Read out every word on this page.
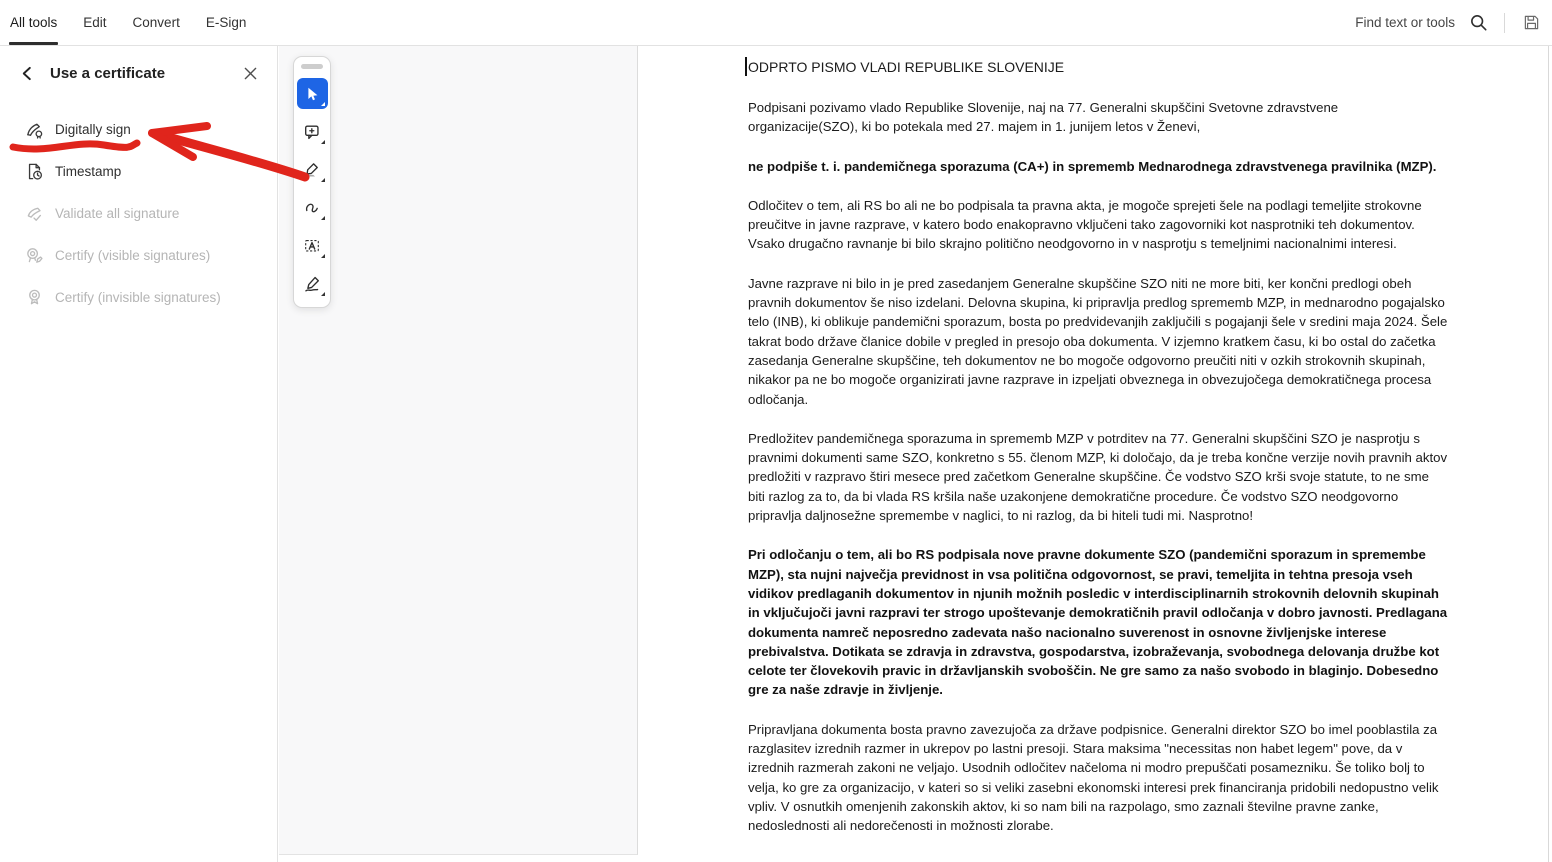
All tools Edit Convert E-Sign	Find text or tools
Use a certificate
Digitally sign
Timestamp
Validate all signature
Certify (visible signatures)
Certify (invisible signatures)
ODPRTO PISMO VLADI REPUBLIKE SLOVENIJE
Podpisani pozivamo vlado Republike Slovenije, naj na 77. Generalni skupščini Svetovne zdravstvene organizacije(SZO), ki bo potekala med 27. majem in 1. junijem letos v Ženevi,
ne podpiše t. i. pandemičnega sporazuma (CA+) in sprememb Mednarodnega zdravstvenega pravilnika (MZP).
Odločitev o tem, ali RS bo ali ne bo podpisala ta pravna akta, je mogoče sprejeti šele na podlagi temeljite strokovne preučitve in javne razprave, v katero bodo enakopravno vključeni tako zagovorniki kot nasprotniki teh dokumentov. Vsako drugačno ravnanje bi bilo skrajno politično neodgovorno in v nasprotju s temeljnimi nacionalnimi interesi.
Javne razprave ni bilo in je pred zasedanjem Generalne skupščine SZO niti ne more biti, ker končni predlogi obeh pravnih dokumentov še niso izdelani. Delovna skupina, ki pripravlja predlog sprememb MZP, in mednarodno pogajalsko telo (INB), ki oblikuje pandemični sporazum, bosta po predvidevanjih zaključili s pogajanji šele v sredini maja 2024. Šele takrat bodo države članice dobile v pregled in presojo oba dokumenta. V izjemno kratkem času, ki bo ostal do začetka zasedanja Generalne skupščine, teh dokumentov ne bo mogoče odgovorno preučiti niti v ozkih strokovnih skupinah, nikakor pa ne bo mogoče organizirati javne razprave in izpeljati obveznega in obvezujočega demokratičnega procesa odločanja.
Predložitev pandemičnega sporazuma in sprememb MZP v potrditev na 77. Generalni skupščini SZO je nasprotju s pravnimi dokumenti same SZO, konkretno s 55. členom MZP, ki določajo, da je treba končne verzije novih pravnih aktov predložiti v razpravo štiri mesece pred začetkom Generalne skupščine. Če vodstvo SZO krši svoje statute, to ne sme biti razlog za to, da bi vlada RS kršila naše uzakonjene demokratične procedure. Če vodstvo SZO neodgovorno pripravlja daljnosežne spremembe v naglici, to ni razlog, da bi hiteli tudi mi. Nasprotno!
Pri odločanju o tem, ali bo RS podpisala nove pravne dokumente SZO (pandemični sporazum in spremembe MZP), sta nujni največja previdnost in vsa politična odgovornost, se pravi, temeljita in tehtna presoja vseh vidikov predlaganih dokumentov in njunih možnih posledic v interdisciplinarnih strokovnih delovnih skupinah in vključujoči javni razpravi ter strogo upoštevanje demokratičnih pravil odločanja v dobro javnosti. Predlagana dokumenta namreč neposredno zadevata našo nacionalno suverenost in osnovne življenjske interese prebivalstva. Dotikata se zdravja in zdravstva, gospodarstva, izobraževanja, svobodnega delovanja družbe kot celote ter človekovih pravic in državljanskih svoboščin. Ne gre samo za našo svobodo in blaginjo. Dobesedno gre za naše zdravje in življenje.
Pripravljana dokumenta bosta pravno zavezujoča za države podpisnice. Generalni direktor SZO bo imel pooblastila za razglasitev izrednih razmer in ukrepov po lastni presoji. Stara maksima "necessitas non habet legem" pove, da v izrednih razmerah zakoni ne veljajo. Usodnih odločitev načeloma ni modro prepuščati posamezniku. Še toliko bolj to velja, ko gre za organizacijo, v kateri so si veliki zasebni ekonomski interesi prek financiranja pridobili nedopustno velik vpliv. V osnutkih omenjenih zakonskih aktov, ki so nam bili na razpolago, smo zaznali številne pravne zanke, nedoslednosti ali nedorečenosti in možnosti zlorabe.
